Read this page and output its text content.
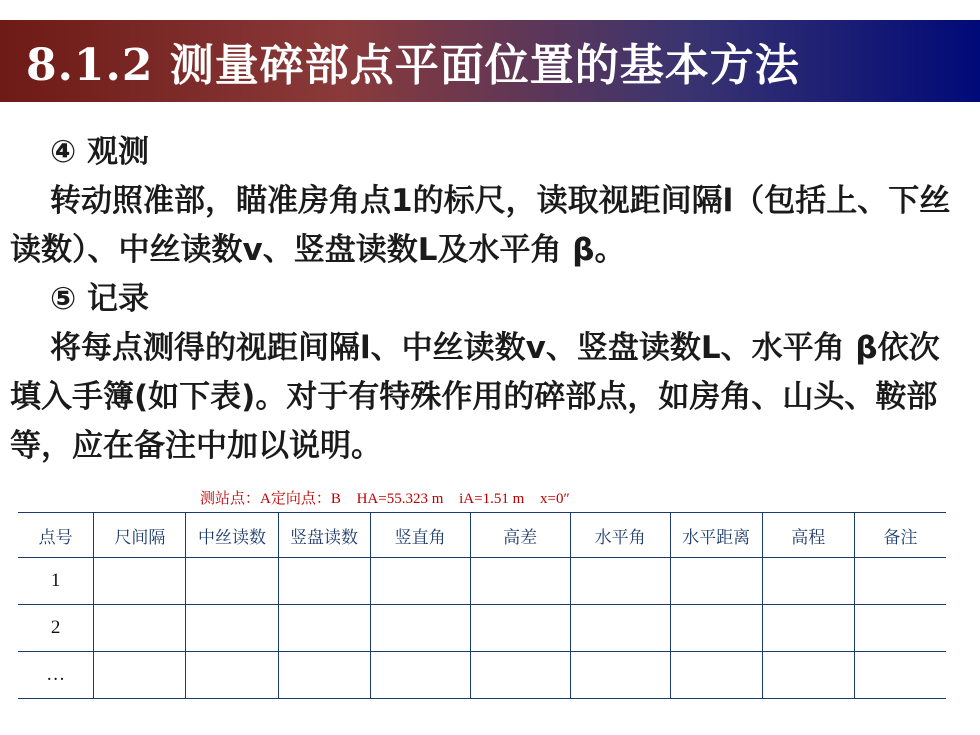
8.1.2 测量碎部点平面位置的基本方法

④ 观测

转动照准部，瞄准房角点1的标尺，读取视距间隔l（包括上、下丝读数）、中丝读数v、竖盘读数L及水平角 β。

⑤ 记录

将每点测得的视距间隔l、中丝读数v、竖盘读数L、水平角 β依次填入手簿(如下表)。对于有特殊作用的碎部点，如房角、山头、鞍部等，应在备注中加以说明。

测站点：A定向点：B HA=55.323 m iA=1.51 m x=0″
点号	尺间隔	中丝读数	竖盘读数	竖直角	高差	水平角	水平距离	高程	备注
1									
2									
…									
